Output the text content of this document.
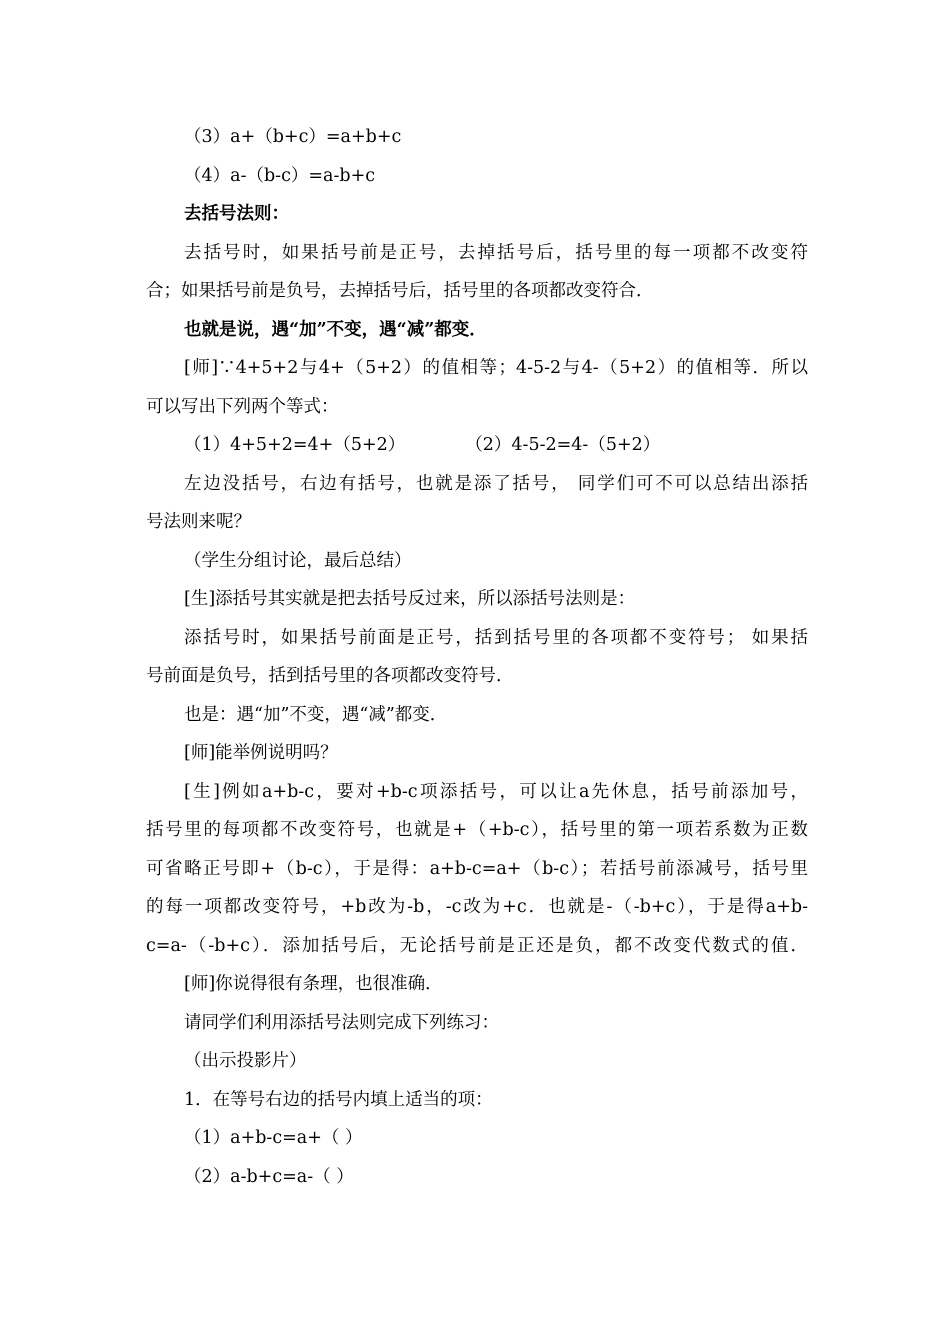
（3）a+（b+c）=a+b+c
（4）a-（b-c）=a-b+c
去括号法则：
去括号时，如果括号前是正号，去掉括号后，括号里的每一项都不改变符
合；如果括号前是负号，去掉括号后，括号里的各项都改变符合．
也就是说，遇“加”不变，遇“减”都变．
[师]∵4+5+2与4+（5+2）的值相等；4-5-2与4-（5+2）的值相等．所以
可以写出下列两个等式：
（1）4+5+2=4+（5+2）	（2）4-5-2=4-（5+2）
左边没括号，右边有括号，也就是添了括号， 同学们可不可以总结出添括
号法则来呢？
（学生分组讨论，最后总结）
[生]添括号其实就是把去括号反过来，所以添括号法则是：
添括号时，如果括号前面是正号，括到括号里的各项都不变符号； 如果括
号前面是负号，括到括号里的各项都改变符号．
也是：遇“加”不变，遇“减”都变．
[师]能举例说明吗？
[生]例如a+b-c，要对+b-c项添括号，可以让a先休息，括号前添加号，
括号里的每项都不改变符号，也就是+（+b-c），括号里的第一项若系数为正数
可省略正号即+（b-c），于是得：a+b-c=a+（b-c）；若括号前添减号，括号里
的每一项都改变符号，+b改为-b，-c改为+c．也就是-（-b+c），于是得a+b-
c=a-（-b+c）．添加括号后，无论括号前是正还是负，都不改变代数式的值．
[师]你说得很有条理，也很准确．
请同学们利用添括号法则完成下列练习：
（出示投影片）
1．在等号右边的括号内填上适当的项：
（1）a+b-c=a+（ ）
（2）a-b+c=a-（ ）
